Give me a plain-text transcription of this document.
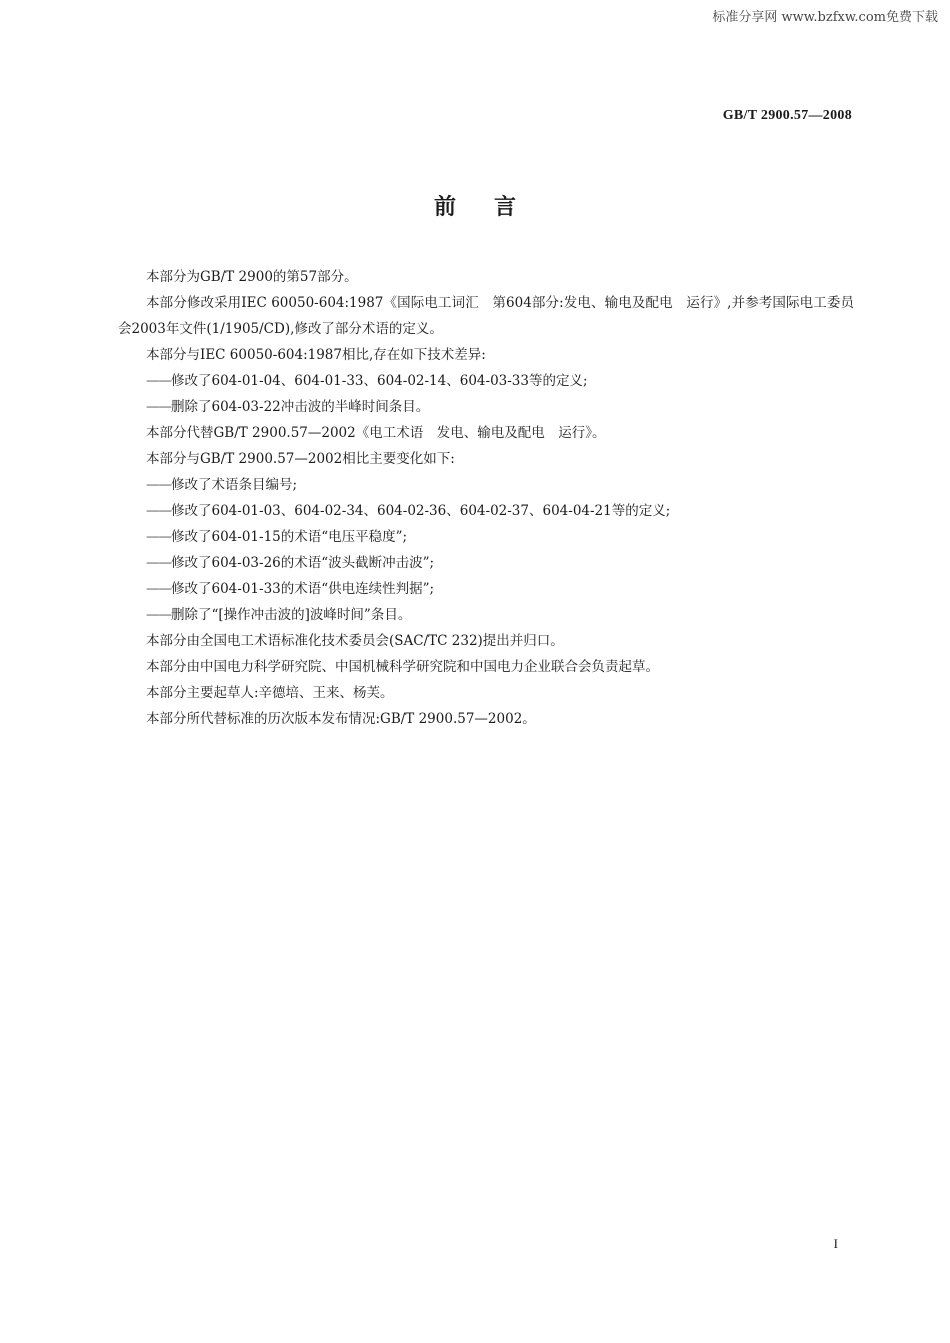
标准分享网 www.bzfxw.com免费下载
GB/T 2900.57—2008
前言

本部分为GB/T 2900的第57部分。

本部分修改采用IEC 60050-604:1987《国际电工词汇　第604部分:发电、输电及配电　运行》,并参考国际电工委员会2003年文件(1/1905/CD),修改了部分术语的定义。

本部分与IEC 60050-604:1987相比,存在如下技术差异:

——修改了604-01-04、604-01-33、604-02-14、604-03-33等的定义;
——删除了604-03-22冲击波的半峰时间条目。

本部分代替GB/T 2900.57—2002《电工术语　发电、输电及配电　运行》。

本部分与GB/T 2900.57—2002相比主要变化如下:

——修改了术语条目编号;
——修改了604-01-03、604-02-34、604-02-36、604-02-37、604-04-21等的定义;
——修改了604-01-15的术语“电压平稳度”;
——修改了604-03-26的术语“波头截断冲击波”;
——修改了604-01-33的术语“供电连续性判据”;
——删除了“[操作冲击波的]波峰时间”条目。

本部分由全国电工术语标准化技术委员会(SAC/TC 232)提出并归口。

本部分由中国电力科学研究院、中国机械科学研究院和中国电力企业联合会负责起草。

本部分主要起草人:辛德培、王来、杨芙。

本部分所代替标准的历次版本发布情况:GB/T 2900.57—2002。

I
